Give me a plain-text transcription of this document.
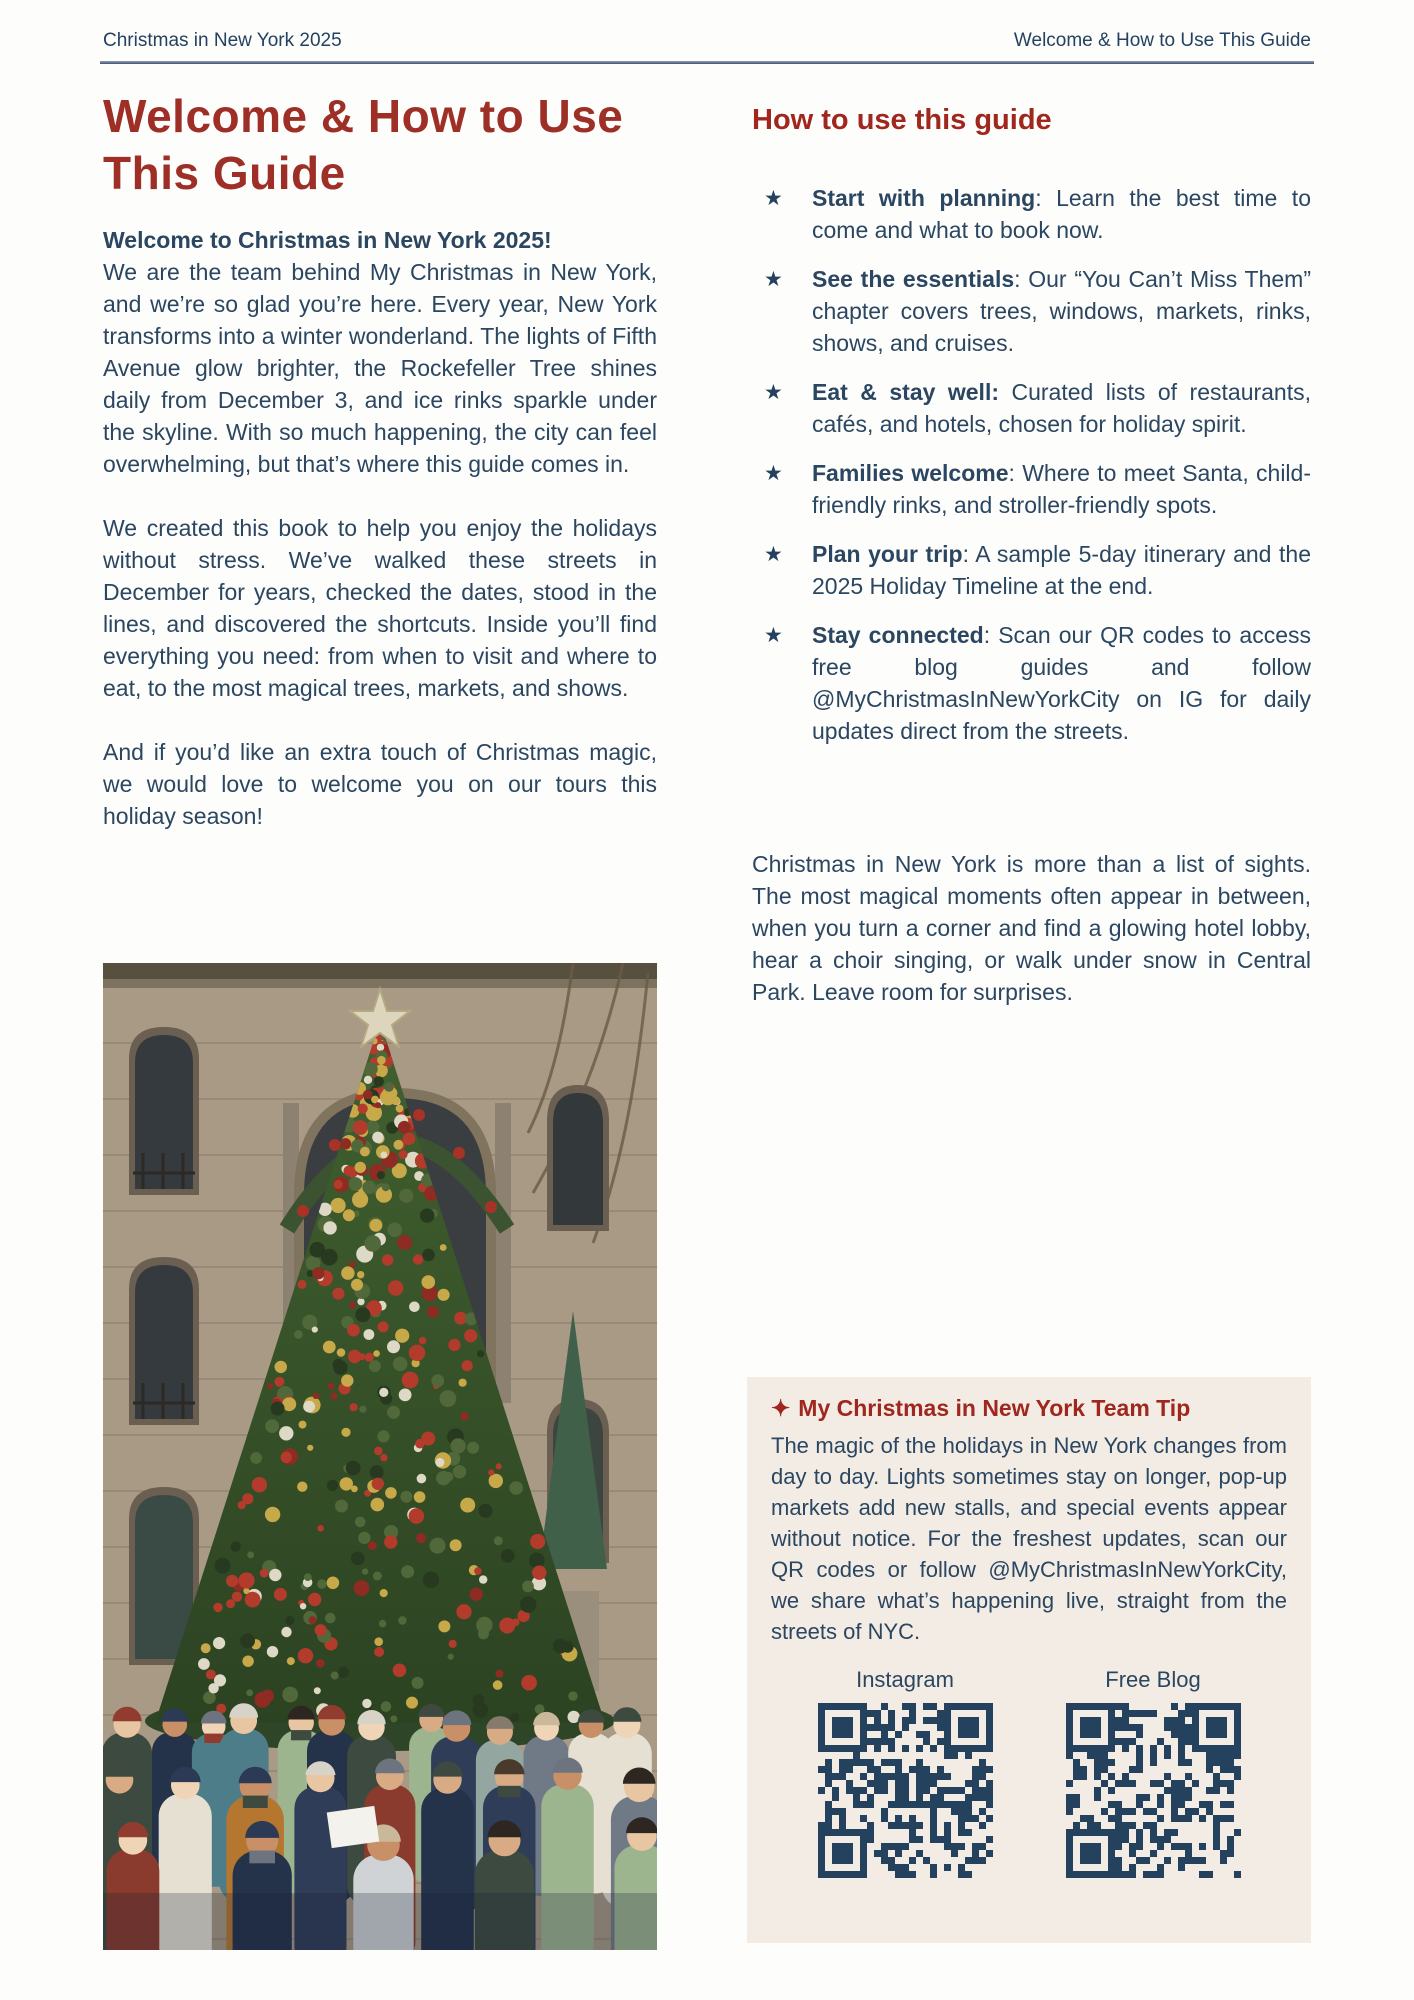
Christmas in New York 2025	Welcome & How to Use This Guide
Welcome & How to Use
This Guide
Welcome to Christmas in New York 2025!

We are the team behind My Christmas in New York, and we’re so glad you’re here. Every year, New York transforms into a winter wonderland. The lights of Fifth Avenue glow brighter, the Rockefeller Tree shines daily from December 3, and ice rinks sparkle under the skyline. With so much happening, the city can feel overwhelming, but that’s where this guide comes in.

We created this book to help you enjoy the holidays without stress. We’ve walked these streets in December for years, checked the dates, stood in the lines, and discovered the shortcuts. Inside you’ll find everything you need: from when to visit and where to eat, to the most magical trees, markets, and shows.

And if you’d like an extra touch of Christmas magic, we would love to welcome you on our tours this holiday season!

How to use this guide
★ Start with planning: Learn the best time to come and what to book now.
★ See the essentials: Our “You Can’t Miss Them” chapter covers trees, windows, markets, rinks, shows, and cruises.
★ Eat & stay well: Curated lists of restaurants, cafés, and hotels, chosen for holiday spirit.
★ Families welcome: Where to meet Santa, child-friendly rinks, and stroller-friendly spots.
★ Plan your trip: A sample 5-day itinerary and the 2025 Holiday Timeline at the end.
★ Stay connected: Scan our QR codes to access free blog guides and follow @MyChristmasInNewYorkCity on IG for daily updates direct from the streets.
Christmas in New York is more than a list of sights. The most magical moments often appear in between, when you turn a corner and find a glowing hotel lobby, hear a choir singing, or walk under snow in Central Park. Leave room for surprises.
✦ My Christmas in New York Team Tip
The magic of the holidays in New York changes from day to day. Lights sometimes stay on longer, pop-up markets add new stalls, and special events appear without notice. For the freshest updates, scan our QR codes or follow @MyChristmasInNewYorkCity, we share what’s happening live, straight from the streets of NYC.
Instagram	Free Blog
